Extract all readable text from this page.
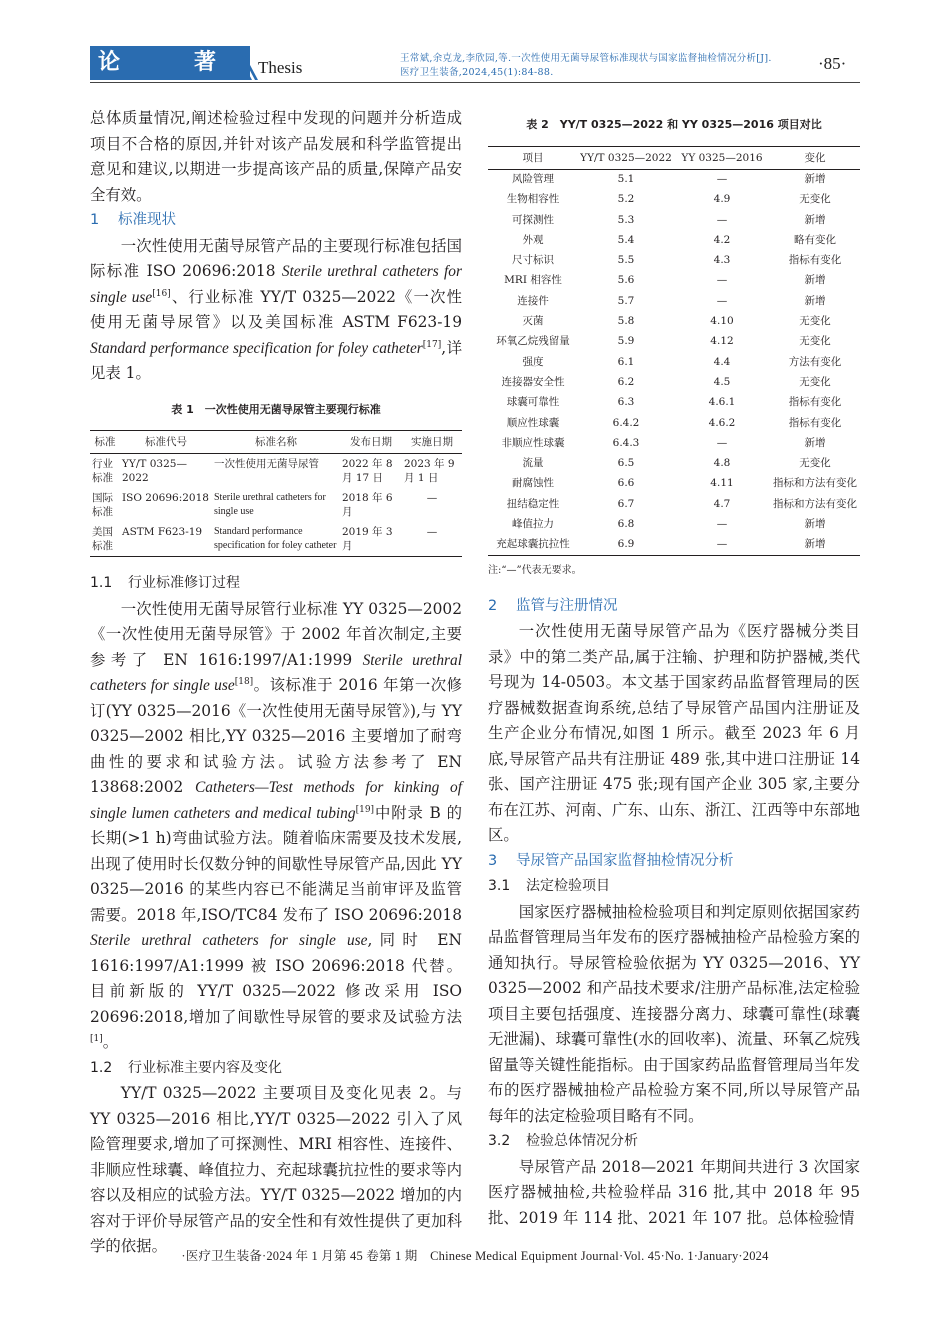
论	著 Thesis	王常斌,余克龙,李欣园,等.一次性使用无菌导尿管标准现状与国家监督抽检情况分析[J].
医疗卫生装备,2024,45(1):84-88.	·85·

总体质量情况,阐述检验过程中发现的问题并分析造成项目不合格的原因,并针对该产品发展和科学监管提出意见和建议,以期进一步提高该产品的质量,保障产品安全有效。

1 标准现状

一次性使用无菌导尿管产品的主要现行标准包括国际标准 ISO 20696:2018 Sterile urethral catheters for single use[16]、行业标准 YY/T 0325—2022《一次性使用无菌导尿管》以及美国标准 ASTM F623-19 Standard performance specification for foley catheter[17],详见表 1。

表 1　一次性使用无菌导尿管主要现行标准
标准	标准代号	标准名称	发布日期	实施日期
行业标准	YY/T 0325—2022	一次性使用无菌导尿管	2022 年 8 月 17 日	2023 年 9 月 1 日
国际标准	ISO 20696:2018	Sterile urethral catheters for single use	2018 年 6 月	—
美国标准	ASTM F623-19	Standard performance specification for foley catheter	2019 年 3 月	—
1.1 行业标准修订过程

一次性使用无菌导尿管行业标准 YY 0325—2002《一次性使用无菌导尿管》于 2002 年首次制定,主要参考了 EN 1616:1997/A1:1999 Sterile urethral catheters for single use[18]。该标准于 2016 年第一次修订(YY 0325—2016《一次性使用无菌导尿管》),与 YY 0325—2002 相比,YY 0325—2016 主要增加了耐弯曲性的要求和试验方法。试验方法参考了 EN 13868:2002 Catheters—Test methods for kinking of single lumen catheters and medical tubing[19]中附录 B 的长期(>1 h)弯曲试验方法。随着临床需要及技术发展,出现了使用时长仅数分钟的间歇性导尿管产品,因此 YY 0325—2016 的某些内容已不能满足当前审评及监管需要。2018 年,ISO/TC84 发布了 ISO 20696:2018 Sterile urethral catheters for single use,同时 EN 1616:1997/A1:1999 被 ISO 20696:2018 代替。目前新版的 YY/T 0325—2022 修改采用 ISO 20696:2018,增加了间歇性导尿管的要求及试验方法[1]。

1.2 行业标准主要内容及变化

YY/T 0325—2022 主要项目及变化见表 2。与 YY 0325—2016 相比,YY/T 0325—2022 引入了风险管理要求,增加了可探测性、MRI 相容性、连接件、非顺应性球囊、峰值拉力、充起球囊抗拉性的要求等内容以及相应的试验方法。YY/T 0325—2022 增加的内容对于评价导尿管产品的安全性和有效性提供了更加科学的依据。

表 2　YY/T 0325—2022 和 YY 0325—2016 项目对比
项目	YY/T 0325—2022	YY 0325—2016	变化
风险管理	5.1	—	新增
生物相容性	5.2	4.9	无变化
可探测性	5.3	—	新增
外观	5.4	4.2	略有变化
尺寸标识	5.5	4.3	指标有变化
MRI 相容性	5.6	—	新增
连接件	5.7	—	新增
灭菌	5.8	4.10	无变化
环氧乙烷残留量	5.9	4.12	无变化
强度	6.1	4.4	方法有变化
连接器安全性	6.2	4.5	无变化
球囊可靠性	6.3	4.6.1	指标有变化
顺应性球囊	6.4.2	4.6.2	指标有变化
非顺应性球囊	6.4.3	—	新增
流量	6.5	4.8	无变化
耐腐蚀性	6.6	4.11	指标和方法有变化
扭结稳定性	6.7	4.7	指标和方法有变化
峰值拉力	6.8	—	新增
充起球囊抗拉性	6.9	—	新增
注:“—”代表无要求。
2 监管与注册情况

一次性使用无菌导尿管产品为《医疗器械分类目录》中的第二类产品,属于注输、护理和防护器械,类代号现为 14-0503。本文基于国家药品监督管理局的医疗器械数据查询系统,总结了导尿管产品国内注册证及生产企业分布情况,如图 1 所示。截至 2023 年 6 月底,导尿管产品共有注册证 489 张,其中进口注册证 14 张、国产注册证 475 张;现有国产企业 305 家,主要分布在江苏、河南、广东、山东、浙江、江西等中东部地区。

3 导尿管产品国家监督抽检情况分析
3.1 法定检验项目

国家医疗器械抽检检验项目和判定原则依据国家药品监督管理局当年发布的医疗器械抽检产品检验方案的通知执行。导尿管检验依据为 YY 0325—2016、YY 0325—2002 和产品技术要求/注册产品标准,法定检验项目主要包括强度、连接器分离力、球囊可靠性(球囊无泄漏)、球囊可靠性(水的回收率)、流量、环氧乙烷残留量等关键性能指标。由于国家药品监督管理局当年发布的医疗器械抽检产品检验方案不同,所以导尿管产品每年的法定检验项目略有不同。

3.2 检验总体情况分析

导尿管产品 2018—2021 年期间共进行 3 次国家医疗器械抽检,共检验样品 316 批,其中 2018 年 95 批、2019 年 114 批、2021 年 107 批。总体检验情

·医疗卫生装备·2024 年 1 月第 45 卷第 1 期　Chinese Medical Equipment Journal·Vol. 45·No. 1·January·2024
